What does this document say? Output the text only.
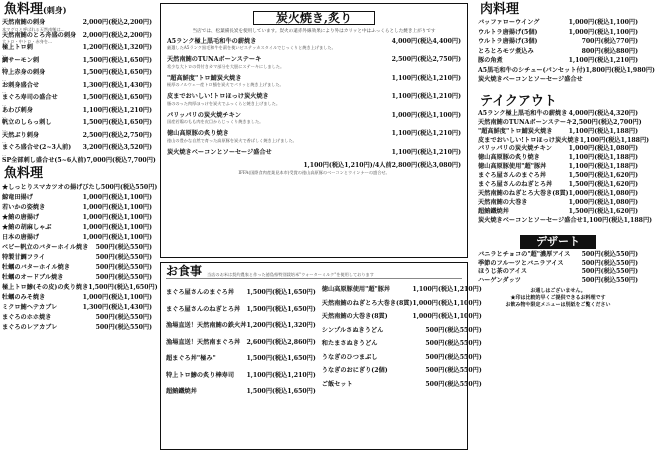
魚料理(刺身)
天然南鮪の刺身	2,000円(税込2,200円)
本マグロと呼ばれる天然南鮪は...
天然南鮪のとろ舟盛の刺身	2,000円(税込2,200円)
大トロ・中トロ・赤身を...
極上トロ刺	1,200円(税込1,320円)
...
鯛サーモン刺	1,500円(税込1,650円)
...
特上赤身の刺身	1,500円(税込1,650円)
...
お刺身盛合せ	1,300円(税込1,430円)
...
まぐろ寿司の盛合せ	1,500円(税込1,650円)
...
あわび刺身	1,100円(税込1,210円)
...
帆立のしらっ刺し	1,500円(税込1,650円)
...
天然ぶり刺身	2,500円(税込2,750円)
...
まぐろ盛合せ(2~3人前)	3,200円(税込3,520円)
...
SP全部刺し盛合せ(5~6人前) 7,000円(税込7,700円)
魚料理
★しっとりスマカツオの揚げびたし 500円(税込550円)
鯨竜田揚げ	1,000円(税込1,100円)
若いかの姿焼き	1,000円(税込1,100円)
★鮪の唐揚げ	1,000円(税込1,100円)
★鮪の胡麻しゃぶ	1,000円(税込1,100円)
日本の唐揚げ	1,000円(税込1,100円)
ベビー帆立のバターホイル焼き	500円(税込550円)
特製甘鯛フライ	500円(税込550円)
牡蠣のバターホイル焼き	500円(税込550円)
牡蠣のオードブル焼き	500円(税込550円)
極上トロ鯵(その皮)の炙り焼き 1,500円(税込1,650円)
牡蠣のみそ焼き	1,000円(税込1,100円)
ミクロ鮪ヘテカブレ	1,300円(税込1,430円)
まぐろのホホ焼き	500円(税込550円)
まぐろのレアカブレ	500円(税込550円)
炭火焼き,炙り
当店では、松葉備長炭を使用しています。炭火の遠赤外線効果により外はカリッと中はふっくらとした焼き上がりです
A5ランク極上黒毛和牛の薪焼き	4,000円(税込4,400円)
厳選したA5ランク黒毛和牛を薪を使いビステッカスタイルでじっくりと焼き上げました。
天然南鮪のTUNAボーンステーキ	2,500円(税込2,750円)
希少な大トロの骨付きカマ部分を大胆にステーキにしました。
"超高鮮度"トロ鯖炭火焼き	1,100円(税込1,210円)
極厚のノルウェー産トロ鯖を炭火でパリッと焼き上げました。
皮までおいしい!トロほっけ炭火焼き	1,100円(税込1,210円)
脂ののった肉厚ほっけを炭火でふっくらと焼き上げました。
パリッパリの炭火焼チキン	1,000円(税込1,100円)
国産若鶏のもも肉を皮目からじっくり焼きました。
徳山高原豚の炙り焼き	1,100円(税込1,210円)
徳山の豊かな自然で育った高原豚を炭火で香ばしく焼き上げました。
炭火焼きベーコンとソーセージ盛合せ	1,100円(税込1,210円)
1,100円(税込1,210円)/4人前2,800円(税込3,080円)
IFFA(国際食肉産業見本市)受賞の徳山高原豚のベーコンとウインナーの盛合せ。
お食事 当店のお米は契約農家と作った徳島県特別栽培米"ウォーターミルク"を使用しております
まぐろ屋さんのまぐろ丼	1,500円(税込1,650円)
まぐろ屋さんのねぎとろ丼 1,500円(税込1,650円)
漁場直送！天然南鮪の鉄火丼 1,200円(税込1,320円)
漁場直送！天然南まぐろ丼 2,600円(税込2,860円)
超まぐろ丼"極み"	1,500円(税込1,650円)
特上トロ鯵の炙り棒寿司	1,100円(税込1,210円)
超鮪鐵焼丼	1,500円(税込1,650円)
徳山高原豚使用"超"豚丼	1,100円(税込1,210円)
天然南鮪のねぎとろ大巻き(8貫) 1,000円(税込1,100円)
天然南鮪の大巻き(8貫)	1,000円(税込1,100円)
シンプルさぬきうどん	500円(税込550円)
和たまさぬきうどん	500円(税込550円)
うなぎのひつまぶし	500円(税込550円)
うなぎのおにぎり(2個)	500円(税込550円)
ご飯セット	500円(税込550円)
肉料理
バッファローウイング	1,000円(税込1,100円)
ウルトラ唐揚げ(5個)	1,000円(税込1,100円)
ウルトラ唐揚げ(3個)	700円(税込770円)
とろとろモツ煮込み	800円(税込880円)
豚の角煮	1,100円(税込1,210円)
A5黒毛和牛のシチュー(パンセット付) 1,800円(税込1,980円)
炭火焼きベーコンとソーセージ盛合せ
テイクアウト
A5ランク極上黒毛和牛の薪焼き 4,000円(税込4,320円)
天然南鮪のTUNAボーンステーキ 2,500円(税込2,700円)
"超高鮮度"トロ鯖炭火焼き	1,100円(税込1,188円)
皮までおいしい!トロほっけ炭火焼き 1,100円(税込1,188円)
パリッパリの炭火焼チキン	1,000円(税込1,080円)
徳山高原豚の炙り焼き	1,100円(税込1,188円)
徳山高原豚使用"超"豚丼	1,100円(税込1,188円)
まぐろ屋さんのまぐろ丼	1,500円(税込1,620円)
まぐろ屋さんのねぎとろ丼	1,500円(税込1,620円)
天然南鮪のねぎとろ大巻き(8貫) 1,000円(税込1,080円)
天然南鮪の大巻き	1,000円(税込1,080円)
超鮪鐵焼丼	1,500円(税込1,620円)
炭火焼きベーコンとソーセージ盛合せ 1,100円(税込1,188円)
デザート
バニラとチョコの"超"濃厚アイス	500円(税込550円)
季節のフルーツとバニラアイス	500円(税込550円)
ほうじ茶のアイス	500円(税込550円)
ハーゲンダッツ	500円(税込550円)
お通しはございません。
★印は比較的早くご提供できるお料理です
お飲み物や限定メニューは別紙をご覧ください
